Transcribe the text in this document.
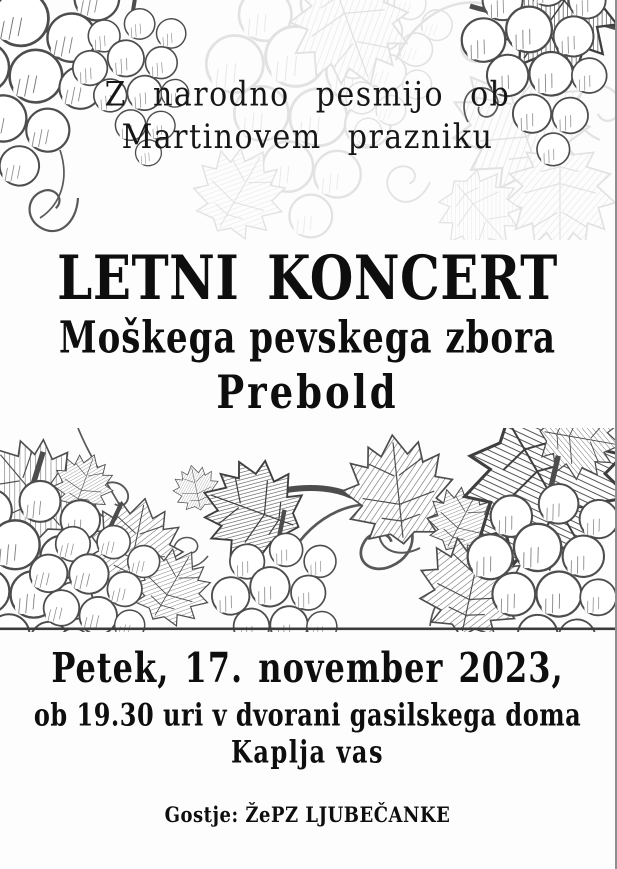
Z narodno pesmijo ob
Martinovem prazniku
LETNI KONCERT
Moškega pevskega zbora
Prebold
Petek, 17. november 2023,
ob 19.30 uri v dvorani gasilskega doma
Kaplja vas
Gostje: ŽePZ LJUBEČANKE
